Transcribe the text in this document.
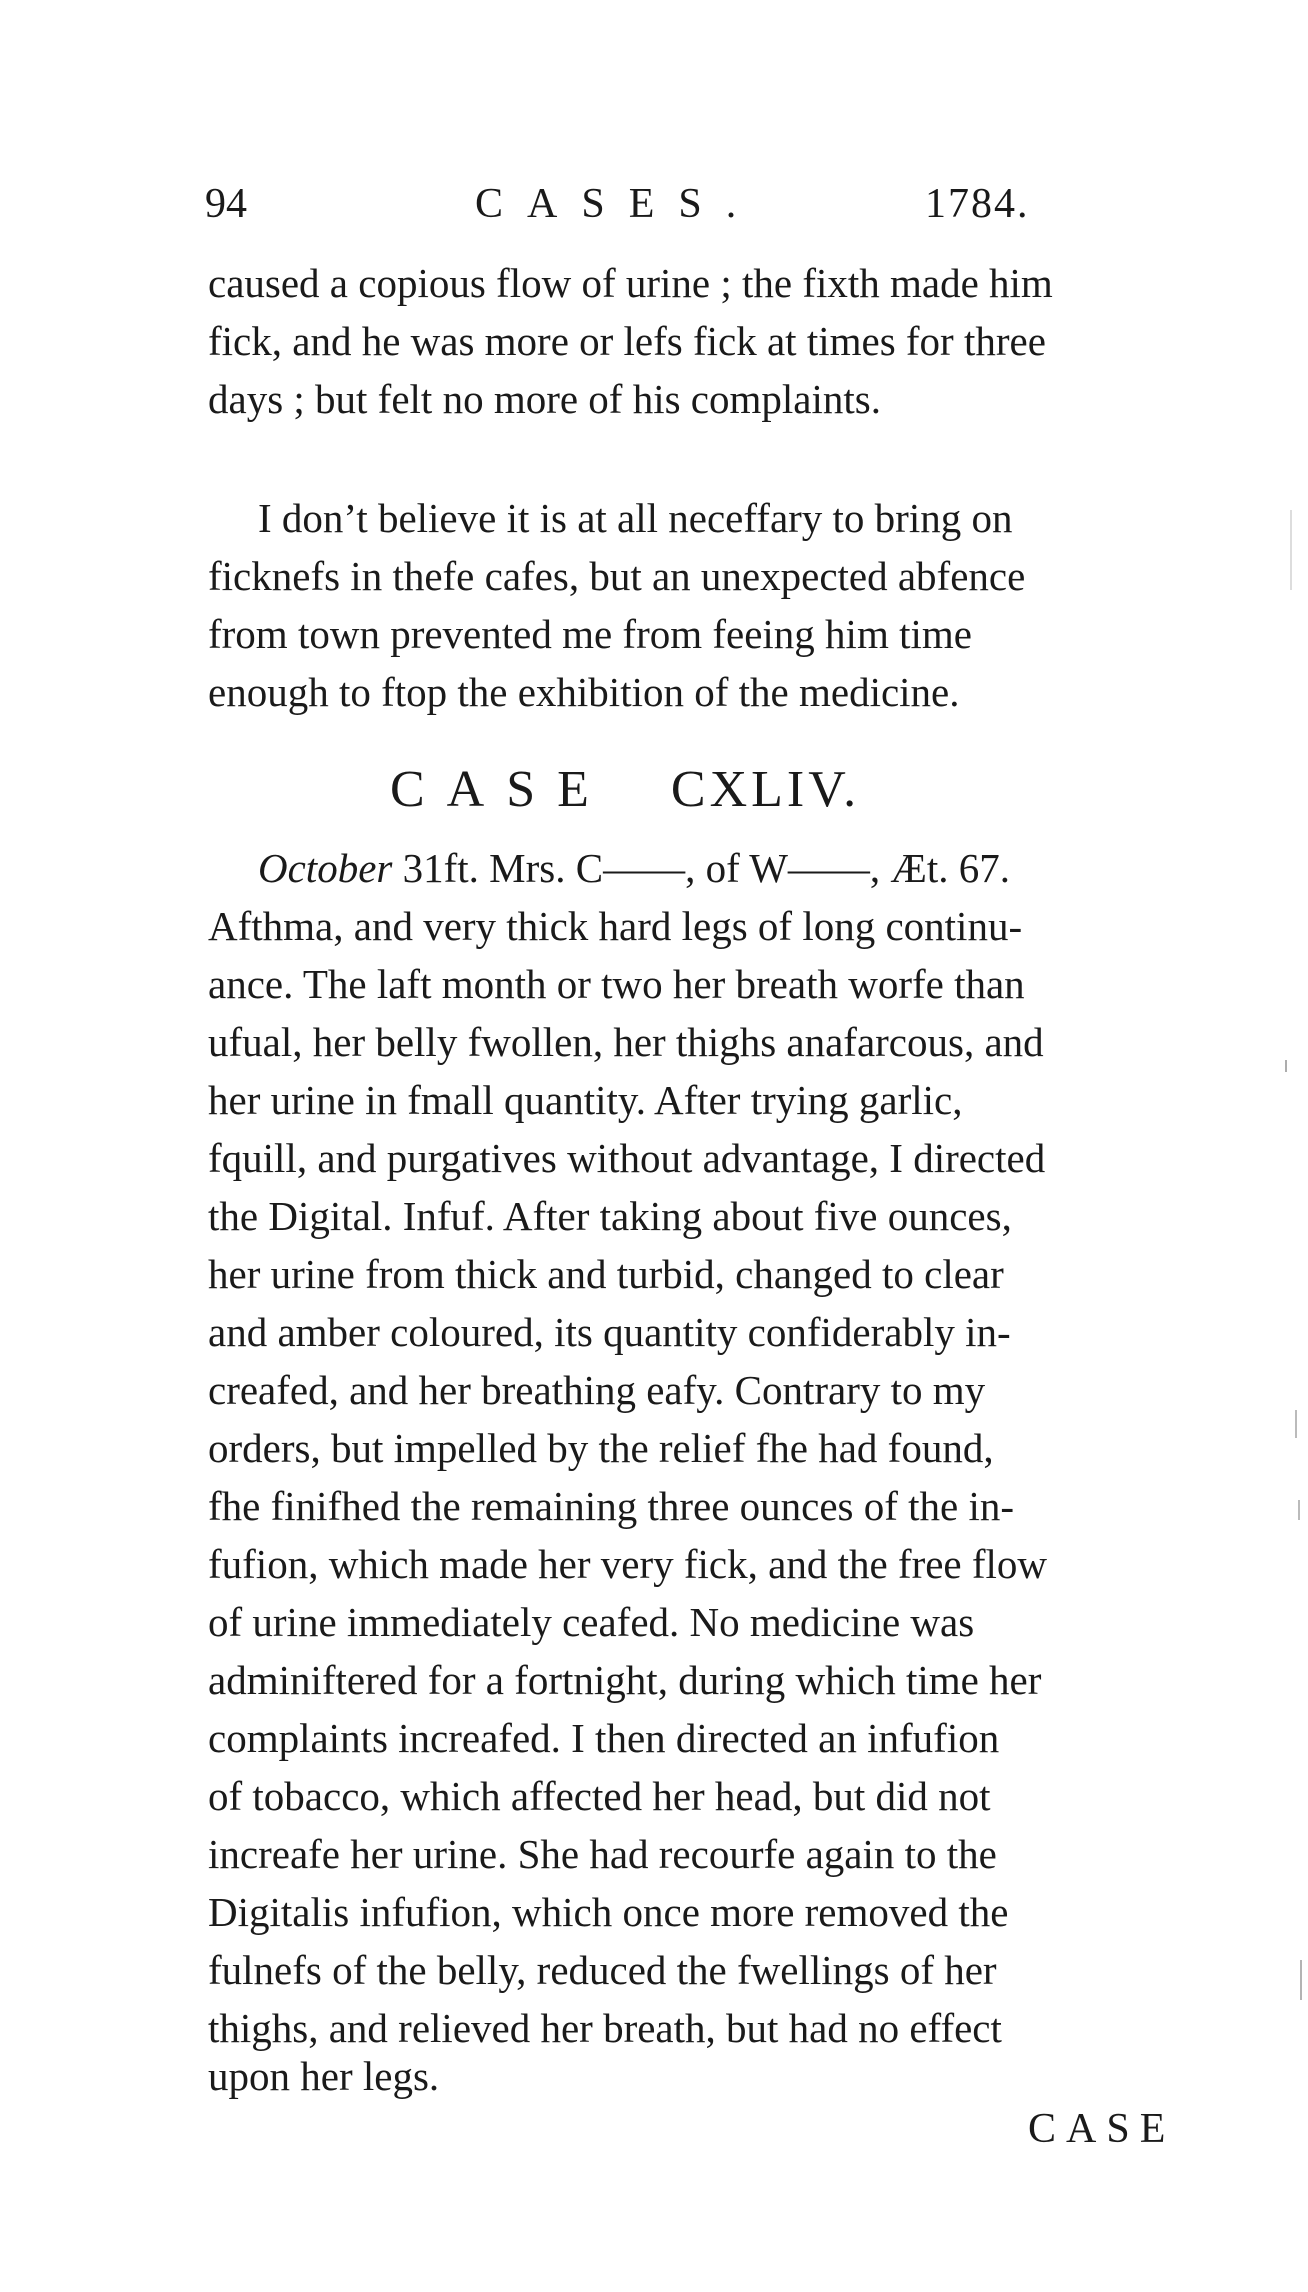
94	CASES.	1784.
caused a copious flow of urine ; the fixth made him
fick, and he was more or lefs fick at times for three
days ; but felt no more of his complaints.
I don’t believe it is at all neceffary to bring on
ficknefs in thefe cafes, but an unexpected abfence
from town prevented me from feeing him time
enough to ftop the exhibition of the medicine.
CASE CXLIV.
October 31ft. Mrs. C——, of W——, Æt. 67.
Afthma, and very thick hard legs of long continu-
ance. The laft month or two her breath worfe than
ufual, her belly fwollen, her thighs anafarcous, and
her urine in fmall quantity. After trying garlic,
fquill, and purgatives without advantage, I directed
the Digital. Infuf. After taking about five ounces,
her urine from thick and turbid, changed to clear
and amber coloured, its quantity confiderably in-
creafed, and her breathing eafy. Contrary to my
orders, but impelled by the relief fhe had found,
fhe finifhed the remaining three ounces of the in-
fufion, which made her very fick, and the free flow
of urine immediately ceafed. No medicine was
adminiftered for a fortnight, during which time her
complaints increafed. I then directed an infufion
of tobacco, which affected her head, but did not
increafe her urine. She had recourfe again to the
Digitalis infufion, which once more removed the
fulnefs of the belly, reduced the fwellings of her
thighs, and relieved her breath, but had no effect
upon her legs.
CASE
